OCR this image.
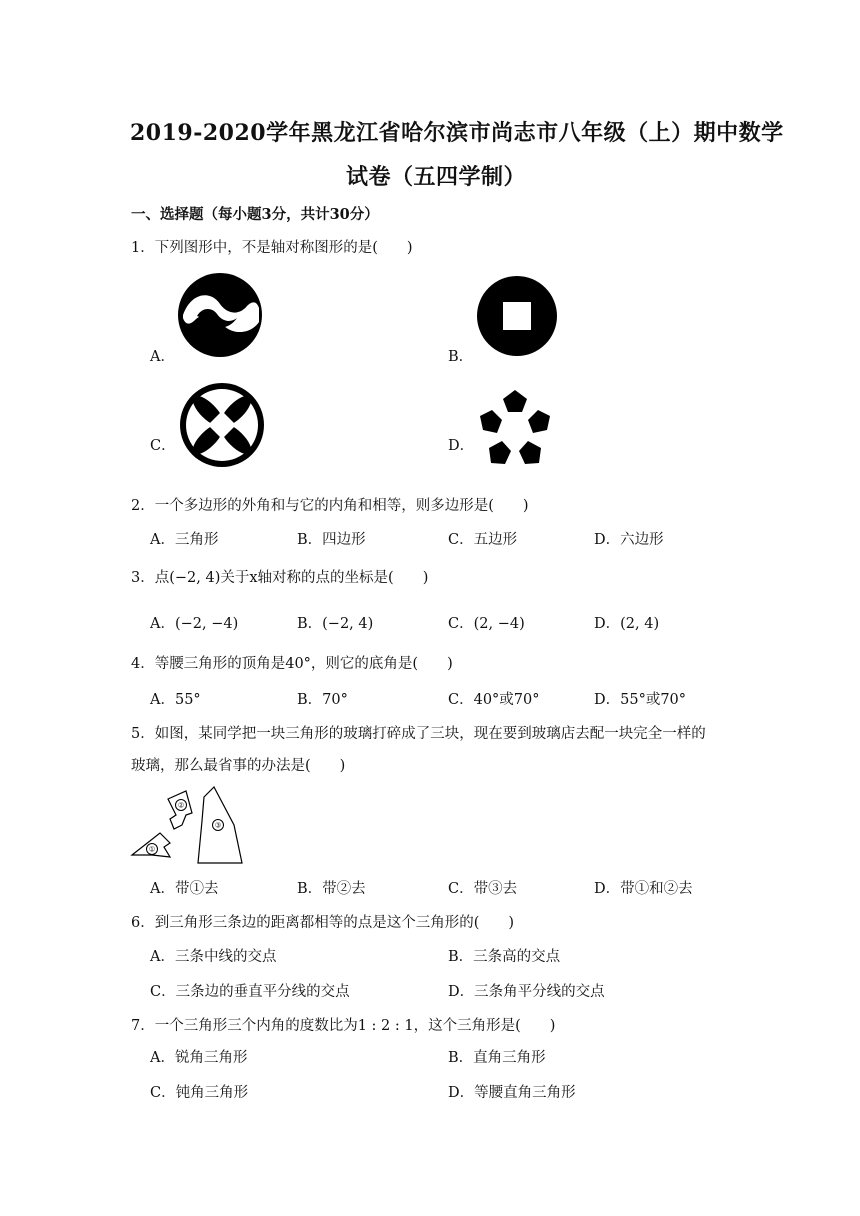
2019-2020学年黑龙江省哈尔滨市尚志市八年级（上）期中数学
试卷（五四学制）
一、选择题（每小题3分，共计30分）
1．下列图形中，不是轴对称图形的是(　　)
A．	B．
C．	D．
2．一个多边形的外角和与它的内角和相等，则多边形是(　　)
A．三角形	B．四边形	C．五边形	D．六边形
3．点(−2, 4)关于x轴对称的点的坐标是(　　)
A．(−2, −4)	B．(−2, 4)	C．(2, −4)	D．(2, 4)
4．等腰三角形的顶角是40°，则它的底角是(　　)
A．55°	B．70°	C．40°或70°	D．55°或70°
5．如图，某同学把一块三角形的玻璃打碎成了三块，现在要到玻璃店去配一块完全一样的
玻璃，那么最省事的办法是(　　)
①
②
③
A．带①去	B．带②去	C．带③去	D．带①和②去
6．到三角形三条边的距离都相等的点是这个三角形的(　　)
A．三条中线的交点	B．三条高的交点
C．三条边的垂直平分线的交点	D．三条角平分线的交点
7．一个三角形三个内角的度数比为1 : 2 : 1，这个三角形是(　　)
A．锐角三角形	B．直角三角形
C．钝角三角形	D．等腰直角三角形
